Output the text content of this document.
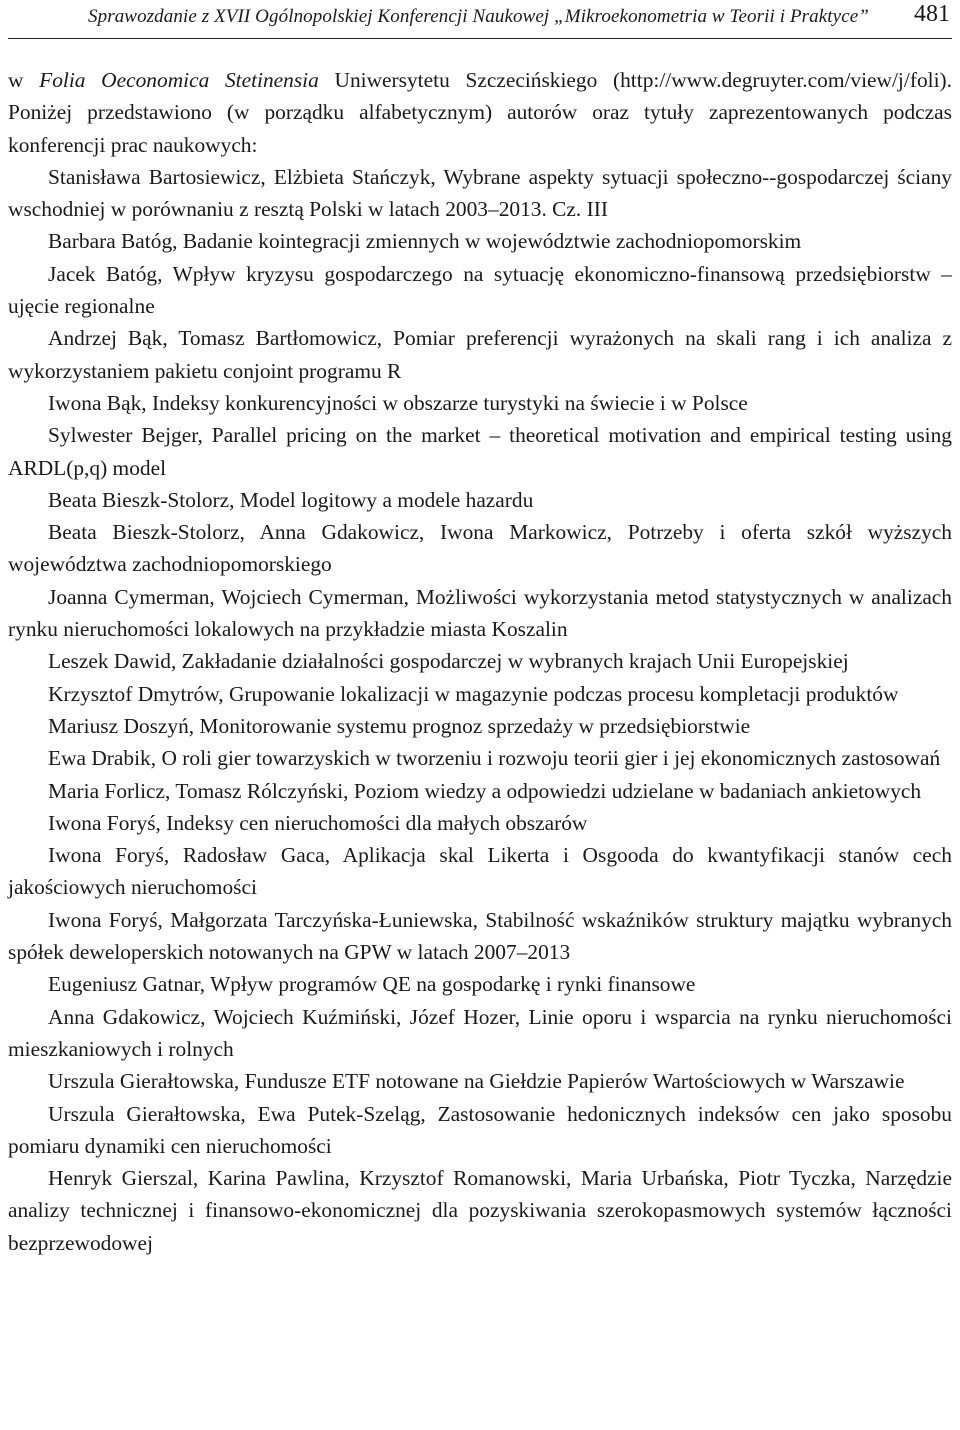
Sprawozdanie z XVII Ogólnopolskiej Konferencji Naukowej „Mikroekonometria w Teorii i Praktyce” 481

w Folia Oeconomica Stetinensia Uniwersytetu Szczecińskiego (http://www.degruyter.com/view/j/foli). Poniżej przedstawiono (w porządku alfabetycznym) autorów oraz tytuły zaprezentowanych podczas konferencji prac naukowych:

Stanisława Bartosiewicz, Elżbieta Stańczyk, Wybrane aspekty sytuacji społeczno--gospodarczej ściany wschodniej w porównaniu z resztą Polski w latach 2003–2013. Cz. III

Barbara Batóg, Badanie kointegracji zmiennych w województwie zachodniopomorskim

Jacek Batóg, Wpływ kryzysu gospodarczego na sytuację ekonomiczno-finansową przedsiębiorstw – ujęcie regionalne

Andrzej Bąk, Tomasz Bartłomowicz, Pomiar preferencji wyrażonych na skali rang i ich analiza z wykorzystaniem pakietu conjoint programu R

Iwona Bąk, Indeksy konkurencyjności w obszarze turystyki na świecie i w Polsce

Sylwester Bejger, Parallel pricing on the market – theoretical motivation and empirical testing using ARDL(p,q) model

Beata Bieszk-Stolorz, Model logitowy a modele hazardu

Beata Bieszk-Stolorz, Anna Gdakowicz, Iwona Markowicz, Potrzeby i oferta szkół wyższych województwa zachodniopomorskiego

Joanna Cymerman, Wojciech Cymerman, Możliwości wykorzystania metod statystycznych w analizach rynku nieruchomości lokalowych na przykładzie miasta Koszalin

Leszek Dawid, Zakładanie działalności gospodarczej w wybranych krajach Unii Europejskiej

Krzysztof Dmytrów, Grupowanie lokalizacji w magazynie podczas procesu kompletacji produktów

Mariusz Doszyń, Monitorowanie systemu prognoz sprzedaży w przedsiębiorstwie

Ewa Drabik, O roli gier towarzyskich w tworzeniu i rozwoju teorii gier i jej ekonomicznych zastosowań

Maria Forlicz, Tomasz Rólczyński, Poziom wiedzy a odpowiedzi udzielane w badaniach ankietowych

Iwona Foryś, Indeksy cen nieruchomości dla małych obszarów

Iwona Foryś, Radosław Gaca, Aplikacja skal Likerta i Osgooda do kwantyfikacji stanów cech jakościowych nieruchomości

Iwona Foryś, Małgorzata Tarczyńska-Łuniewska, Stabilność wskaźników struktury majątku wybranych spółek deweloperskich notowanych na GPW w latach 2007–2013

Eugeniusz Gatnar, Wpływ programów QE na gospodarkę i rynki finansowe

Anna Gdakowicz, Wojciech Kuźmiński, Józef Hozer, Linie oporu i wsparcia na rynku nieruchomości mieszkaniowych i rolnych

Urszula Gierałtowska, Fundusze ETF notowane na Giełdzie Papierów Wartościowych w Warszawie

Urszula Gierałtowska, Ewa Putek-Szeląg, Zastosowanie hedonicznych indeksów cen jako sposobu pomiaru dynamiki cen nieruchomości

Henryk Gierszal, Karina Pawlina, Krzysztof Romanowski, Maria Urbańska, Piotr Tyczka, Narzędzie analizy technicznej i finansowo-ekonomicznej dla pozyskiwania szerokopasmowych systemów łączności bezprzewodowej
